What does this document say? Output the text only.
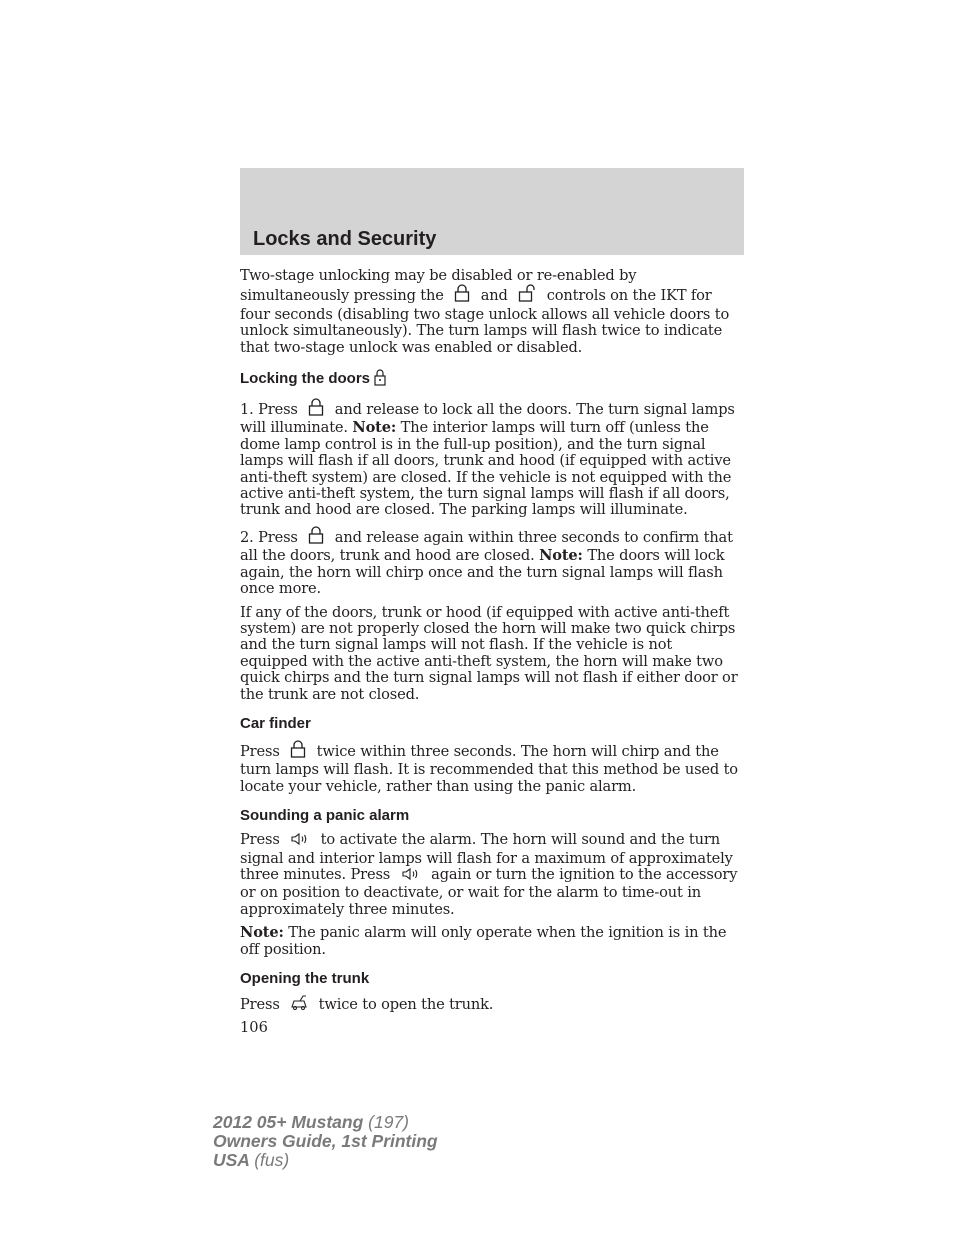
Locks and Security

Two-stage unlocking may be disabled or re-enabled by simultaneously pressing the	and	controls on the IKT for four seconds (disabling two stage unlock allows all vehicle doors to unlock simultaneously). The turn lamps will flash twice to indicate that two-stage unlock was enabled or disabled.

Locking the doors

1. Press	and release to lock all the doors. The turn signal lamps will illuminate. Note: The interior lamps will turn off (unless the dome lamp control is in the full-up position), and the turn signal lamps will flash if all doors, trunk and hood (if equipped with active anti-theft system) are closed. If the vehicle is not equipped with the active anti-theft system, the turn signal lamps will flash if all doors, trunk and hood are closed. The parking lamps will illuminate.

2. Press	and release again within three seconds to confirm that all the doors, trunk and hood are closed. Note: The doors will lock again, the horn will chirp once and the turn signal lamps will flash once more.

If any of the doors, trunk or hood (if equipped with active anti-theft system) are not properly closed the horn will make two quick chirps and the turn signal lamps will not flash. If the vehicle is not equipped with the active anti-theft system, the horn will make two quick chirps and the turn signal lamps will not flash if either door or the trunk are not closed.

Car finder

Press	twice within three seconds. The horn will chirp and the turn lamps will flash. It is recommended that this method be used to locate your vehicle, rather than using the panic alarm.

Sounding a panic alarm

Press	to activate the alarm. The horn will sound and the turn signal and interior lamps will flash for a maximum of approximately three minutes. Press	again or turn the ignition to the accessory or on position to deactivate, or wait for the alarm to time-out in approximately three minutes.

Note: The panic alarm will only operate when the ignition is in the off position.

Opening the trunk

Press	twice to open the trunk.

106
2012 05+ Mustang (197)
Owners Guide, 1st Printing
USA (fus)
